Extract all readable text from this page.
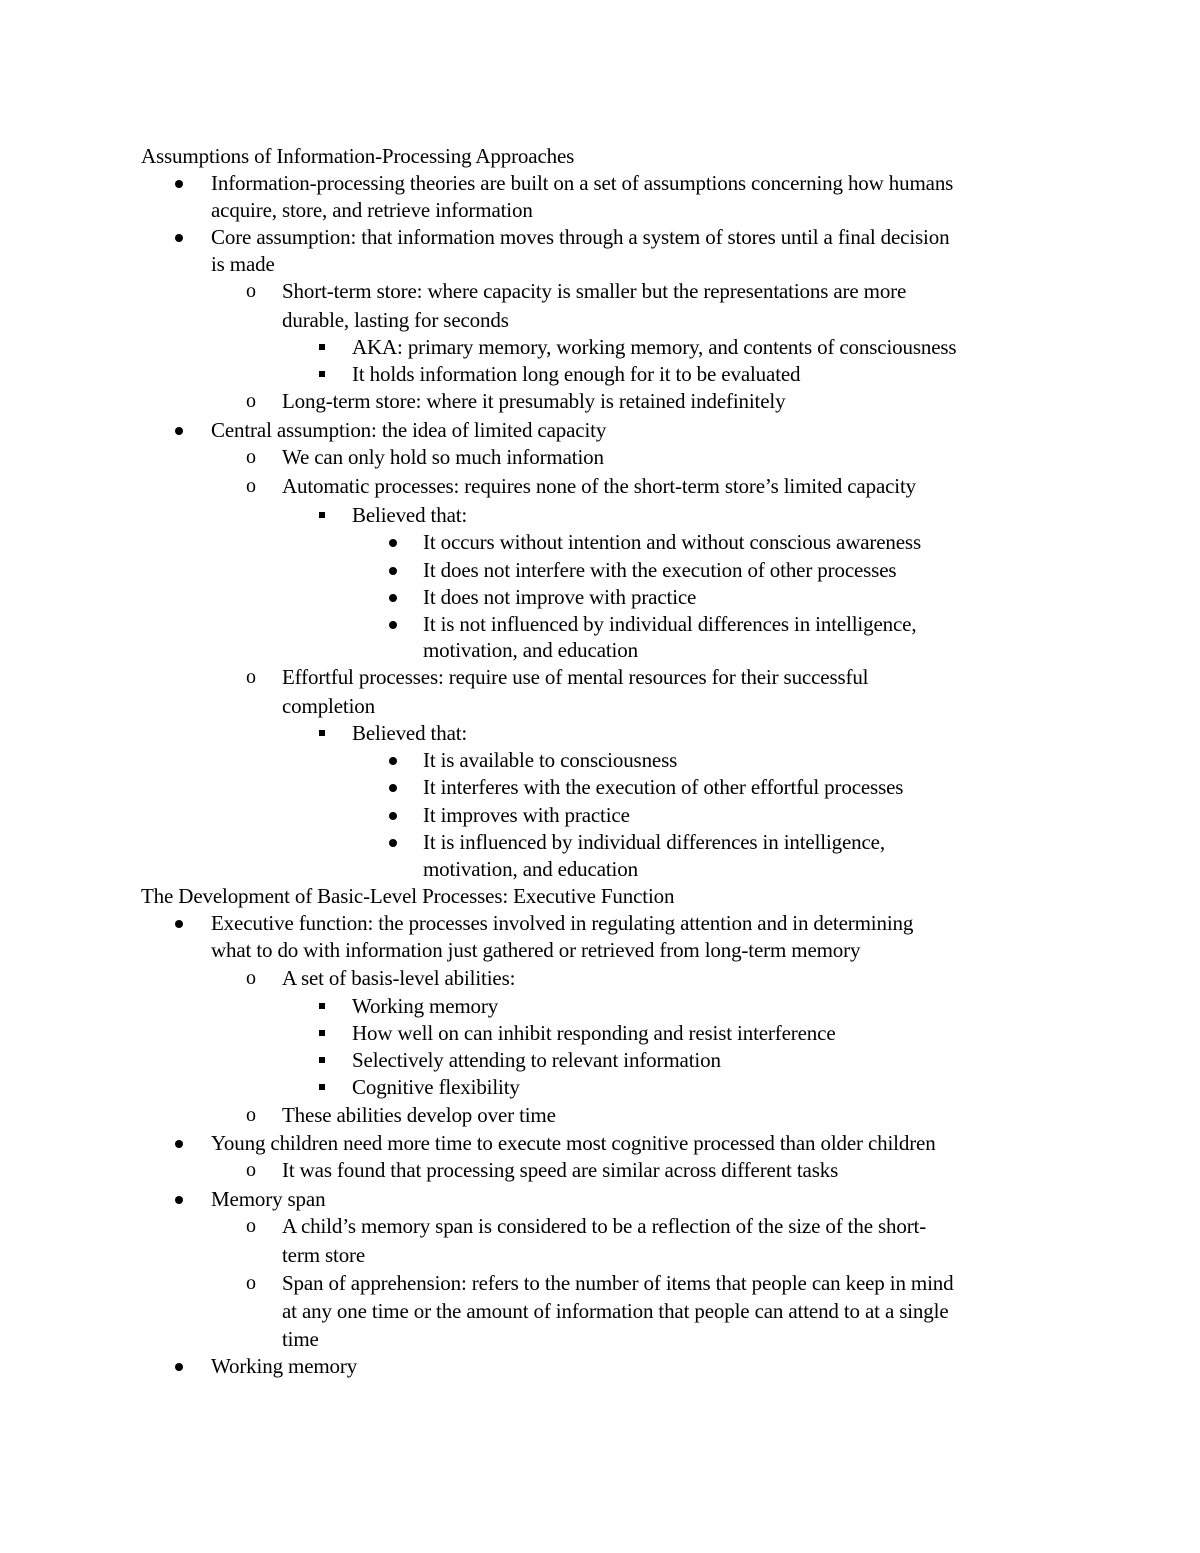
Assumptions of Information-Processing Approaches
Information-processing theories are built on a set of assumptions concerning how humans
acquire, store, and retrieve information
Core assumption: that information moves through a system of stores until a final decision
is made
o Short-term store: where capacity is smaller but the representations are more
durable, lasting for seconds
AKA: primary memory, working memory, and contents of consciousness
It holds information long enough for it to be evaluated
o Long-term store: where it presumably is retained indefinitely
Central assumption: the idea of limited capacity
o We can only hold so much information
o Automatic processes: requires none of the short-term store’s limited capacity
Believed that:
It occurs without intention and without conscious awareness
It does not interfere with the execution of other processes
It does not improve with practice
It is not influenced by individual differences in intelligence,
motivation, and education
o Effortful processes: require use of mental resources for their successful
completion
Believed that:
It is available to consciousness
It interferes with the execution of other effortful processes
It improves with practice
It is influenced by individual differences in intelligence,
motivation, and education
The Development of Basic-Level Processes: Executive Function
Executive function: the processes involved in regulating attention and in determining
what to do with information just gathered or retrieved from long-term memory
o A set of basis-level abilities:
Working memory
How well on can inhibit responding and resist interference
Selectively attending to relevant information
Cognitive flexibility
o These abilities develop over time
Young children need more time to execute most cognitive processed than older children
o It was found that processing speed are similar across different tasks
Memory span
o A child’s memory span is considered to be a reflection of the size of the short-
term store
o Span of apprehension: refers to the number of items that people can keep in mind
at any one time or the amount of information that people can attend to at a single
time
Working memory
